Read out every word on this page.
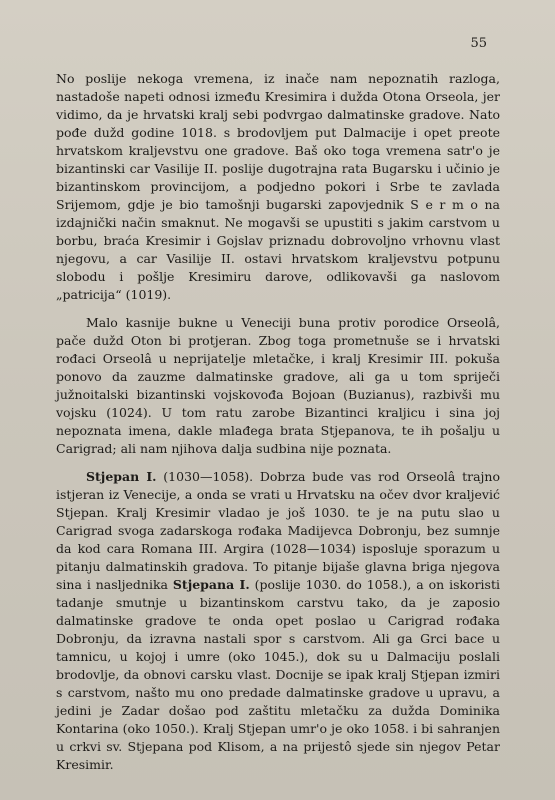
55

No poslije nekoga vremena, iz inače nam nepoznatih razloga, nastadoše napeti odnosi između Kresimira i dužda Otona Orseola, jer vidimo, da je hrvatski kralj sebi podvrgao dalmatinske gradove. Nato pođe dužd godine 1018. s brodovljem put Dalmacije i opet preote hrvatskom kraljevstvu one gradove. Baš oko toga vremena satr'o je bizantinski car Vasilije II. poslije dugotrajna rata Bugarsku i učinio je bizantinskom provincijom, a podjedno pokori i Srbe te zavlada Srijemom, gdje je bio tamošnji bugarski zapovjednik S e r m o na izdajnički način smaknut. Ne mogavši se upustiti s jakim carstvom u borbu, braća Kresimir i Gojslav priznadu dobrovoljno vrhovnu vlast njegovu, a car Vasilije II. ostavi hrvatskom kraljevstvu potpunu slobodu i pošlje Kresimiru darove, odlikovavši ga naslovom „patricija“ (1019).

Malo kasnije bukne u Veneciji buna protiv porodice Orseolâ, pače dužd Oton bi protjeran. Zbog toga prometnuše se i hrvatski rođaci Orseolâ u neprijatelje mletačke, i kralj Kresimir III. pokuša ponovo da zauzme dalmatinske gradove, ali ga u tom spriječi južnoitalski bizantinski vojskovođa Bojoan (Buzianus), razbivši mu vojsku (1024). U tom ratu zarobe Bizantinci kraljicu i sina joj nepoznata imena, dakle mlađega brata Stjepanova, te ih pošalju u Carigrad; ali nam njihova dalja sudbina nije poznata.

Stjepan I. (1030—1058). Dobrza bude vas rod Orseolâ trajno istjeran iz Venecije, a onda se vrati u Hrvatsku na očev dvor kraljević Stjepan. Kralj Kresimir vladao je još 1030. te je na putu slao u Carigrad svoga zadarskoga rođaka Madijevca Dobronju, bez sumnje da kod cara Romana III. Argira (1028—1034) isposluje sporazum u pitanju dalmatinskih gradova. To pitanje bijaše glavna briga njegova sina i nasljednika Stjepana I. (poslije 1030. do 1058.), a on iskoristi tadanje smutnje u bizantinskom carstvu tako, da je zaposio dalmatinske gradove te onda opet poslao u Carigrad rođaka Dobronju, da izravna nastali spor s carstvom. Ali ga Grci bace u tamnicu, u kojoj i umre (oko 1045.), dok su u Dalmaciju poslali brodovlje, da obnovi carsku vlast. Docnije se ipak kralj Stjepan izmiri s carstvom, našto mu ono predade dalmatinske gradove u upravu, a jedini je Zadar došao pod zaštitu mletačku za dužda Dominika Kontarina (oko 1050.). Kralj Stjepan umr'o je oko 1058. i bi sahranjen u crkvi sv. Stjepana pod Klisom, a na prijestô sjede sin njegov Petar Kresimir.
